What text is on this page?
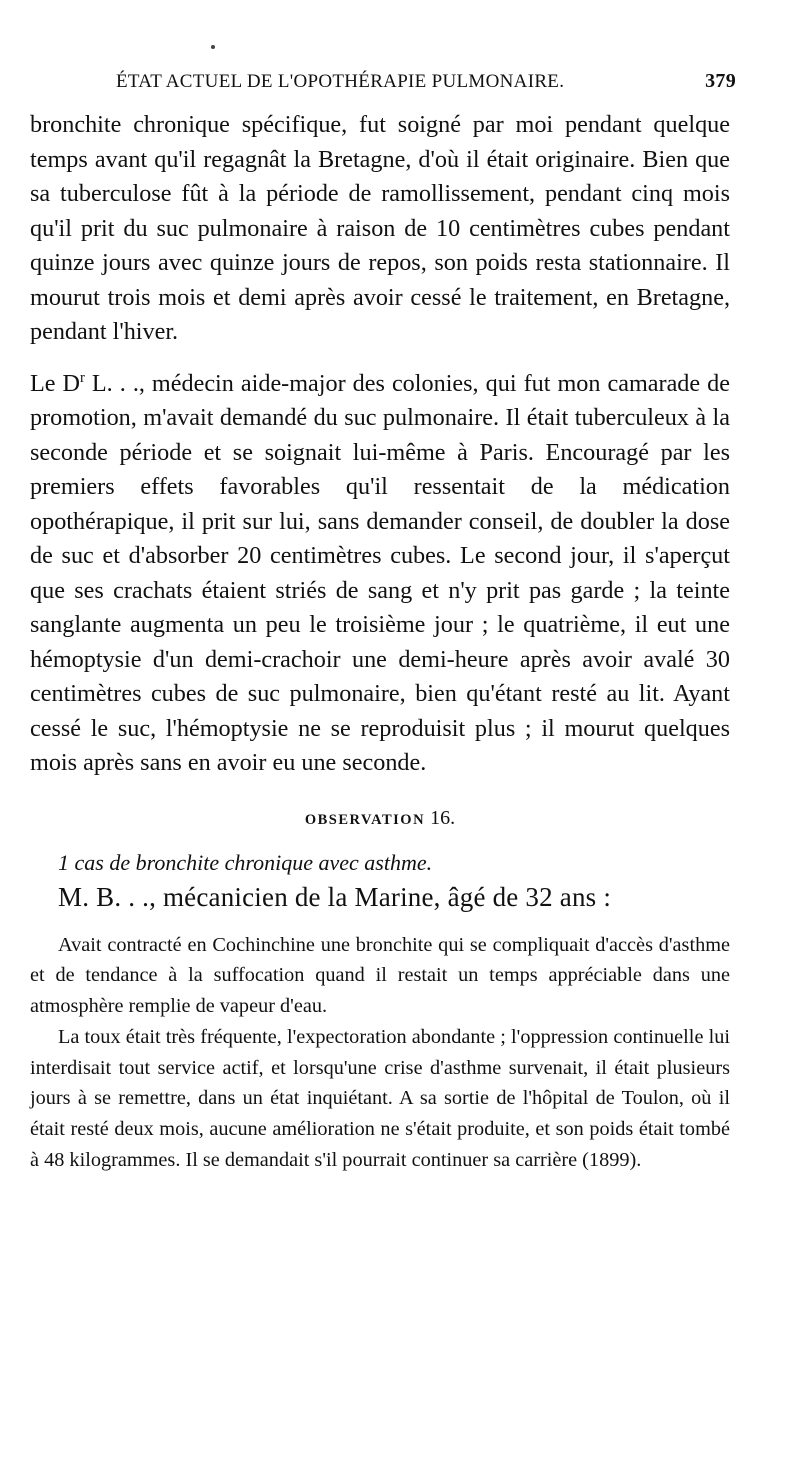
ÉTAT ACTUEL DE L'OPOTHÉRAPIE PULMONAIRE.	379

bronchite chronique spécifique, fut soigné par moi pendant quelque temps avant qu'il regagnât la Bretagne, d'où il était originaire. Bien que sa tuberculose fût à la période de ramollissement, pendant cinq mois qu'il prit du suc pulmonaire à raison de 10 centimètres cubes pendant quinze jours avec quinze jours de repos, son poids resta stationnaire. Il mourut trois mois et demi après avoir cessé le traitement, en Bretagne, pendant l'hiver.

Le $D^r$ L. . ., médecin aide-major des colonies, qui fut mon camarade de promotion, m'avait demandé du suc pulmonaire. Il était tuberculeux à la seconde période et se soignait lui-même à Paris. Encouragé par les premiers effets favorables qu'il ressentait de la médication opothérapique, il prit sur lui, sans demander conseil, de doubler la dose de suc et d'absorber 20 centimètres cubes. Le second jour, il s'aperçut que ses crachats étaient striés de sang et n'y prit pas garde ; la teinte sanglante augmenta un peu le troisième jour ; le quatrième, il eut une hémoptysie d'un demi-crachoir une demi-heure après avoir avalé 30 centimètres cubes de suc pulmonaire, bien qu'étant resté au lit. Ayant cessé le suc, l'hémoptysie ne se reproduisit plus ; il mourut quelques mois après sans en avoir eu une seconde.

OBSERVATION 16.
1 cas de bronchite chronique avec asthme.
M. B. . ., mécanicien de la Marine, âgé de 32 ans :

Avait contracté en Cochinchine une bronchite qui se compliquait d'accès d'asthme et de tendance à la suffocation quand il restait un temps appréciable dans une atmosphère remplie de vapeur d'eau.

La toux était très fréquente, l'expectoration abondante ; l'oppression continuelle lui interdisait tout service actif, et lorsqu'une crise d'asthme survenait, il était plusieurs jours à se remettre, dans un état inquiétant. A sa sortie de l'hôpital de Toulon, où il était resté deux mois, aucune amélioration ne s'était produite, et son poids était tombé à 48 kilogrammes. Il se demandait s'il pourrait continuer sa carrière (1899).
